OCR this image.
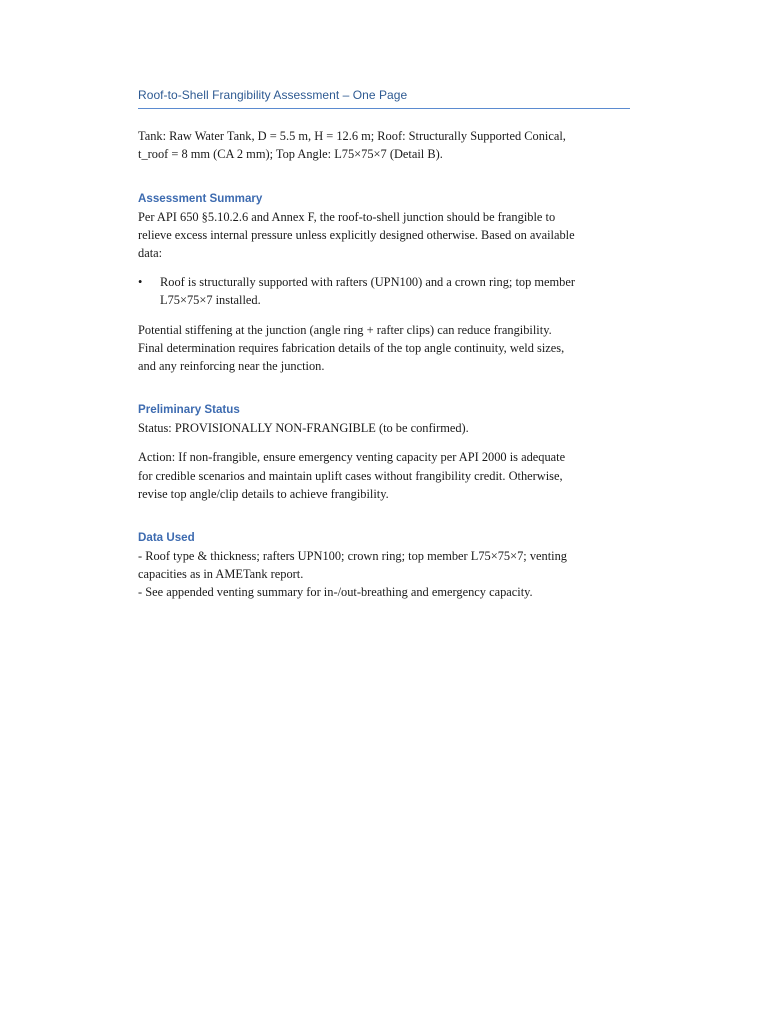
Roof-to-Shell Frangibility Assessment – One Page
Tank: Raw Water Tank, D = 5.5 m, H = 12.6 m; Roof: Structurally Supported Conical,
t_roof = 8 mm (CA 2 mm); Top Angle: L75×75×7 (Detail B).
Assessment Summary
Per API 650 §5.10.2.6 and Annex F, the roof-to-shell junction should be frangible to
relieve excess internal pressure unless explicitly designed otherwise. Based on available
data:
• Roof is structurally supported with rafters (UPN100) and a crown ring; top member
L75×75×7 installed.
Potential stiffening at the junction (angle ring + rafter clips) can reduce frangibility.
Final determination requires fabrication details of the top angle continuity, weld sizes,
and any reinforcing near the junction.
Preliminary Status
Status: PROVISIONALLY NON-FRANGIBLE (to be confirmed).
Action: If non-frangible, ensure emergency venting capacity per API 2000 is adequate
for credible scenarios and maintain uplift cases without frangibility credit. Otherwise,
revise top angle/clip details to achieve frangibility.
Data Used
- Roof type & thickness; rafters UPN100; crown ring; top member L75×75×7; venting
capacities as in AMETank report.
- See appended venting summary for in-/out-breathing and emergency capacity.
